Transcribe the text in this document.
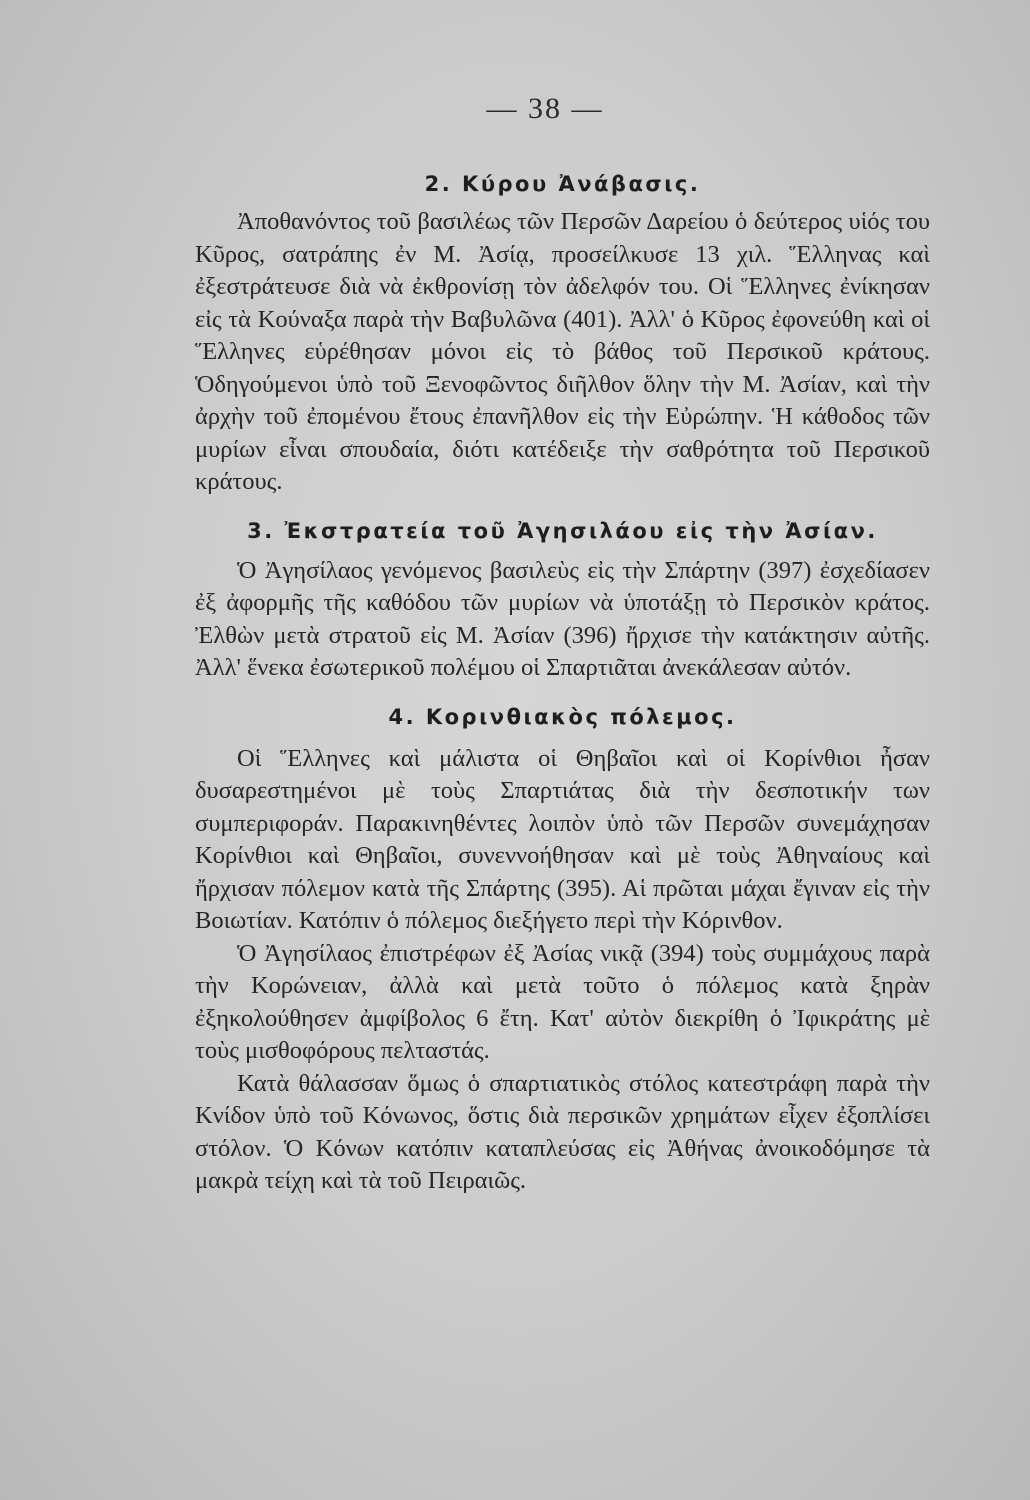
— 38 —
2. Κύρου Ἀνάβασις.

Ἀποθανόντος τοῦ βασιλέως τῶν Περσῶν Δαρείου ὁ δεύτερος υἱός του Κῦρος, σατράπης ἐν Μ. Ἀσίᾳ, προσείλκυσε 13 χιλ. Ἕλληνας καὶ ἐξεστράτευσε διὰ νὰ ἐκθρονίσῃ τὸν ἀδελφόν του. Οἱ Ἕλληνες ἐνίκησαν εἰς τὰ Κούναξα παρὰ τὴν Βαβυλῶνα (401). Ἀλλ' ὁ Κῦρος ἐφονεύθη καὶ οἱ Ἕλληνες εὑρέθησαν μόνοι εἰς τὸ βάθος τοῦ Περσικοῦ κράτους. Ὁδηγούμενοι ὑπὸ τοῦ Ξενοφῶντος διῆλθον ὅλην τὴν Μ. Ἀσίαν, καὶ τὴν ἀρχὴν τοῦ ἐπομένου ἔτους ἐπανῆλθον εἰς τὴν Εὐρώπην. Ἡ κάθοδος τῶν μυρίων εἶναι σπουδαία, διότι κατέδειξε τὴν σαθρότητα τοῦ Περσικοῦ κράτους.

3. Ἐκστρατεία τοῦ Ἀγησιλάου εἰς τὴν Ἀσίαν.

Ὁ Ἀγησίλαος γενόμενος βασιλεὺς εἰς τὴν Σπάρτην (397) ἐσχεδίασεν ἐξ ἀφορμῆς τῆς καθόδου τῶν μυρίων νὰ ὑποτάξῃ τὸ Περσικὸν κράτος. Ἐλθὼν μετὰ στρατοῦ εἰς Μ. Ἀσίαν (396) ἤρχισε τὴν κατάκτησιν αὐτῆς. Ἀλλ' ἕνεκα ἐσωτερικοῦ πολέμου οἱ Σπαρτιᾶται ἀνεκάλεσαν αὐτόν.

4. Κορινθιακὸς πόλεμος.

Οἱ Ἕλληνες καὶ μάλιστα οἱ Θηβαῖοι καὶ οἱ Κορίνθιοι ἦσαν δυσαρεστημένοι μὲ τοὺς Σπαρτιάτας διὰ τὴν δεσποτικήν των συμπεριφοράν. Παρακινηθέντες λοιπὸν ὑπὸ τῶν Περσῶν συνεμάχησαν Κορίνθιοι καὶ Θηβαῖοι, συνεννοήθησαν καὶ μὲ τοὺς Ἀθηναίους καὶ ἤρχισαν πόλεμον κατὰ τῆς Σπάρτης (395). Αἱ πρῶται μάχαι ἔγιναν εἰς τὴν Βοιωτίαν. Κατόπιν ὁ πόλεμος διεξήγετο περὶ τὴν Κόρινθον.

Ὁ Ἀγησίλαος ἐπιστρέφων ἐξ Ἀσίας νικᾷ (394) τοὺς συμμάχους παρὰ τὴν Κορώνειαν, ἀλλὰ καὶ μετὰ τοῦτο ὁ πόλεμος κατὰ ξηρὰν ἐξηκολούθησεν ἀμφίβολος 6 ἔτη. Κατ' αὐτὸν διεκρίθη ὁ Ἰφικράτης μὲ τοὺς μισθοφόρους πελταστάς.

Κατὰ θάλασσαν ὅμως ὁ σπαρτιατικὸς στόλος κατεστράφη παρὰ τὴν Κνίδον ὑπὸ τοῦ Κόνωνος, ὅστις διὰ περσικῶν χρημάτων εἶχεν ἐξοπλίσει στόλον. Ὁ Κόνων κατόπιν καταπλεύσας εἰς Ἀθήνας ἀνοικοδόμησε τὰ μακρὰ τείχη καὶ τὰ τοῦ Πειραιῶς.
